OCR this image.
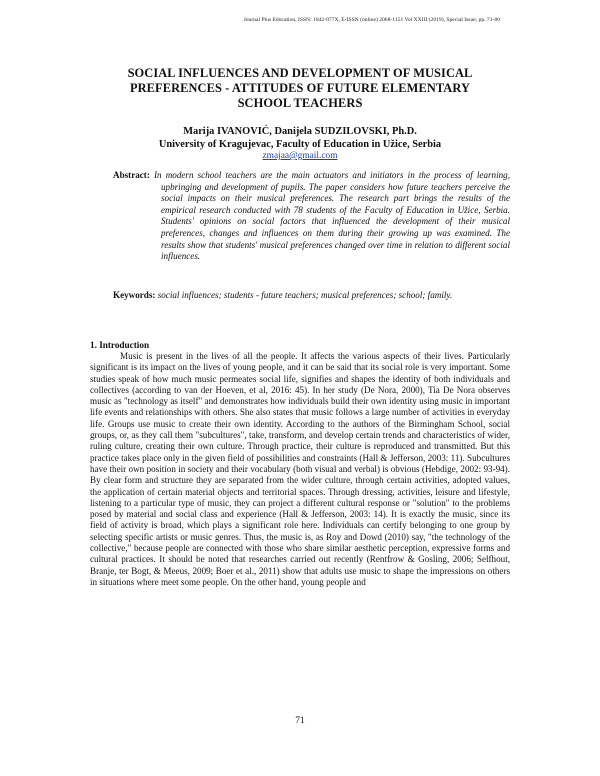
Journal Plus Education, ISSN: 1842-077X, E-ISSN (online) 2068-1151 Vol XXIII (2019), Special Issue, pp. 71-80
SOCIAL INFLUENCES AND DEVELOPMENT OF MUSICAL
PREFERENCES - ATTITUDES OF FUTURE ELEMENTARY
SCHOOL TEACHERS
Marija IVANOVIĆ, Danijela SUDZILOVSKI, Ph.D.
University of Kragujevac, Faculty of Education in Užice, Serbia
zmajaa@gmail.com

Abstract: In modern school teachers are the main actuators and initiators in the process of learning, upbringing and development of pupils. The paper considers how future teachers perceive the social impacts on their musical preferences. The research part brings the results of the empirical research conducted with 78 students of the Faculty of Education in Užice, Serbia. Students' opinions on social factors that influenced the development of their musical preferences, changes and influences on them during their growing up was examined. The results show that students' musical preferences changed over time in relation to different social influences.

Keywords: social influences; students - future teachers; musical preferences; school; family.
1. Introduction

Music is present in the lives of all the people. It affects the various aspects of their lives. Particularly significant is its impact on the lives of young people, and it can be said that its social role is very important. Some studies speak of how much music permeates social life, signifies and shapes the identity of both individuals and collectives (according to van der Hoeven, et al, 2016: 45). In her study (De Nora, 2000), Tia De Nora observes music as "technology as itself" and demonstrates how individuals build their own identity using music in important life events and relationships with others. She also states that music follows a large number of activities in everyday life. Groups use music to create their own identity. According to the authors of the Birmingham School, social groups, or, as they call them "subcultures", take, transform, and develop certain trends and characteristics of wider, ruling culture, creating their own culture. Through practice, their culture is reproduced and transmitted. But this practice takes place only in the given field of possibilities and constraints (Hall & Jefferson, 2003: 11). Subcultures have their own position in society and their vocabulary (both visual and verbal) is obvious (Hebdige, 2002: 93-94). By clear form and structure they are separated from the wider culture, through certain activities, adopted values, the application of certain material objects and territorial spaces. Through dressing, activities, leisure and lifestyle, listening to a particular type of music, they can project a different cultural response or "solution" to the problems posed by material and social class and experience (Hall & Jefferson, 2003: 14). It is exactly the music, since its field of activity is broad, which plays a significant role here. Individuals can certify belonging to one group by selecting specific artists or music genres. Thus, the music is, as Roy and Dowd (2010) say, "the technology of the collective," because people are connected with those who share similar aesthetic perception, expressive forms and cultural practices. It should be noted that researches carried out recently (Rentfrow & Gosling, 2006; Selfhout, Branje, ter Bogt, & Meeus, 2009; Boer et al., 2011) show that adults use music to shape the impressions on others in situations where meet some people. On the other hand, young people and

71
